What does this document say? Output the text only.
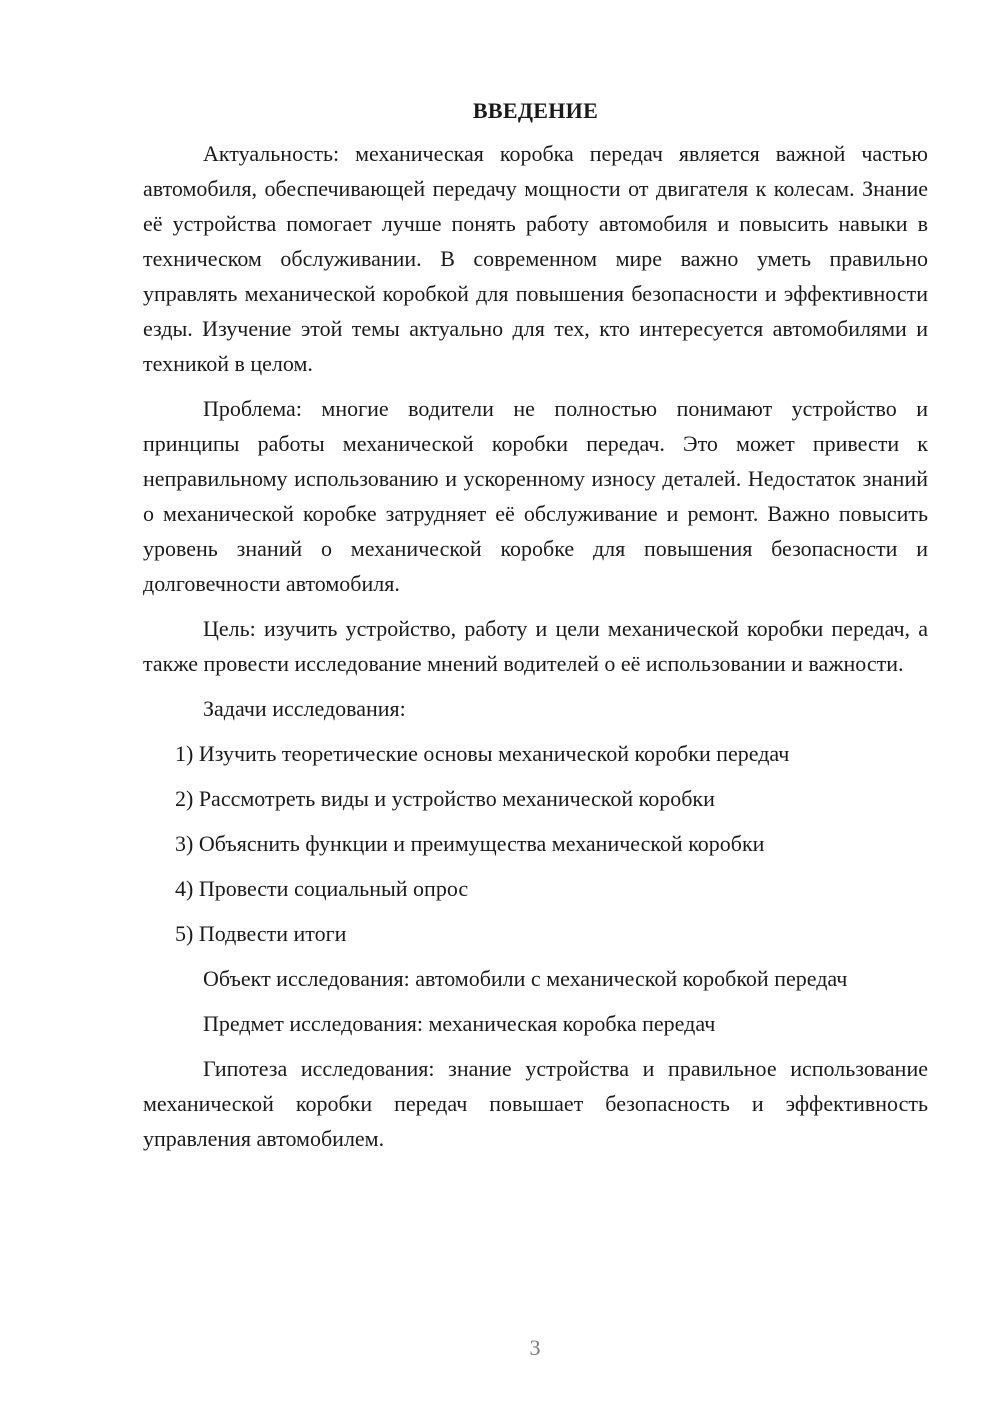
ВВЕДЕНИЕ

Актуальность: механическая коробка передач является важной частью автомобиля, обеспечивающей передачу мощности от двигателя к колесам. Знание её устройства помогает лучше понять работу автомобиля и повысить навыки в техническом обслуживании. В современном мире важно уметь правильно управлять механической коробкой для повышения безопасности и эффективности езды. Изучение этой темы актуально для тех, кто интересуется автомобилями и техникой в целом.

Проблема: многие водители не полностью понимают устройство и принципы работы механической коробки передач. Это может привести к неправильному использованию и ускоренному износу деталей. Недостаток знаний о механической коробке затрудняет её обслуживание и ремонт. Важно повысить уровень знаний о механической коробке для повышения безопасности и долговечности автомобиля.

Цель: изучить устройство, работу и цели механической коробки передач, а также провести исследование мнений водителей о её использовании и важности.

Задачи исследования:

1) Изучить теоретические основы механической коробки передач
2) Рассмотреть виды и устройство механической коробки
3) Объяснить функции и преимущества механической коробки
4) Провести социальный опрос
5) Подвести итоги

Объект исследования: автомобили с механической коробкой передач

Предмет исследования: механическая коробка передач

Гипотеза исследования: знание устройства и правильное использование механической коробки передач повышает безопасность и эффективность управления автомобилем.

3
